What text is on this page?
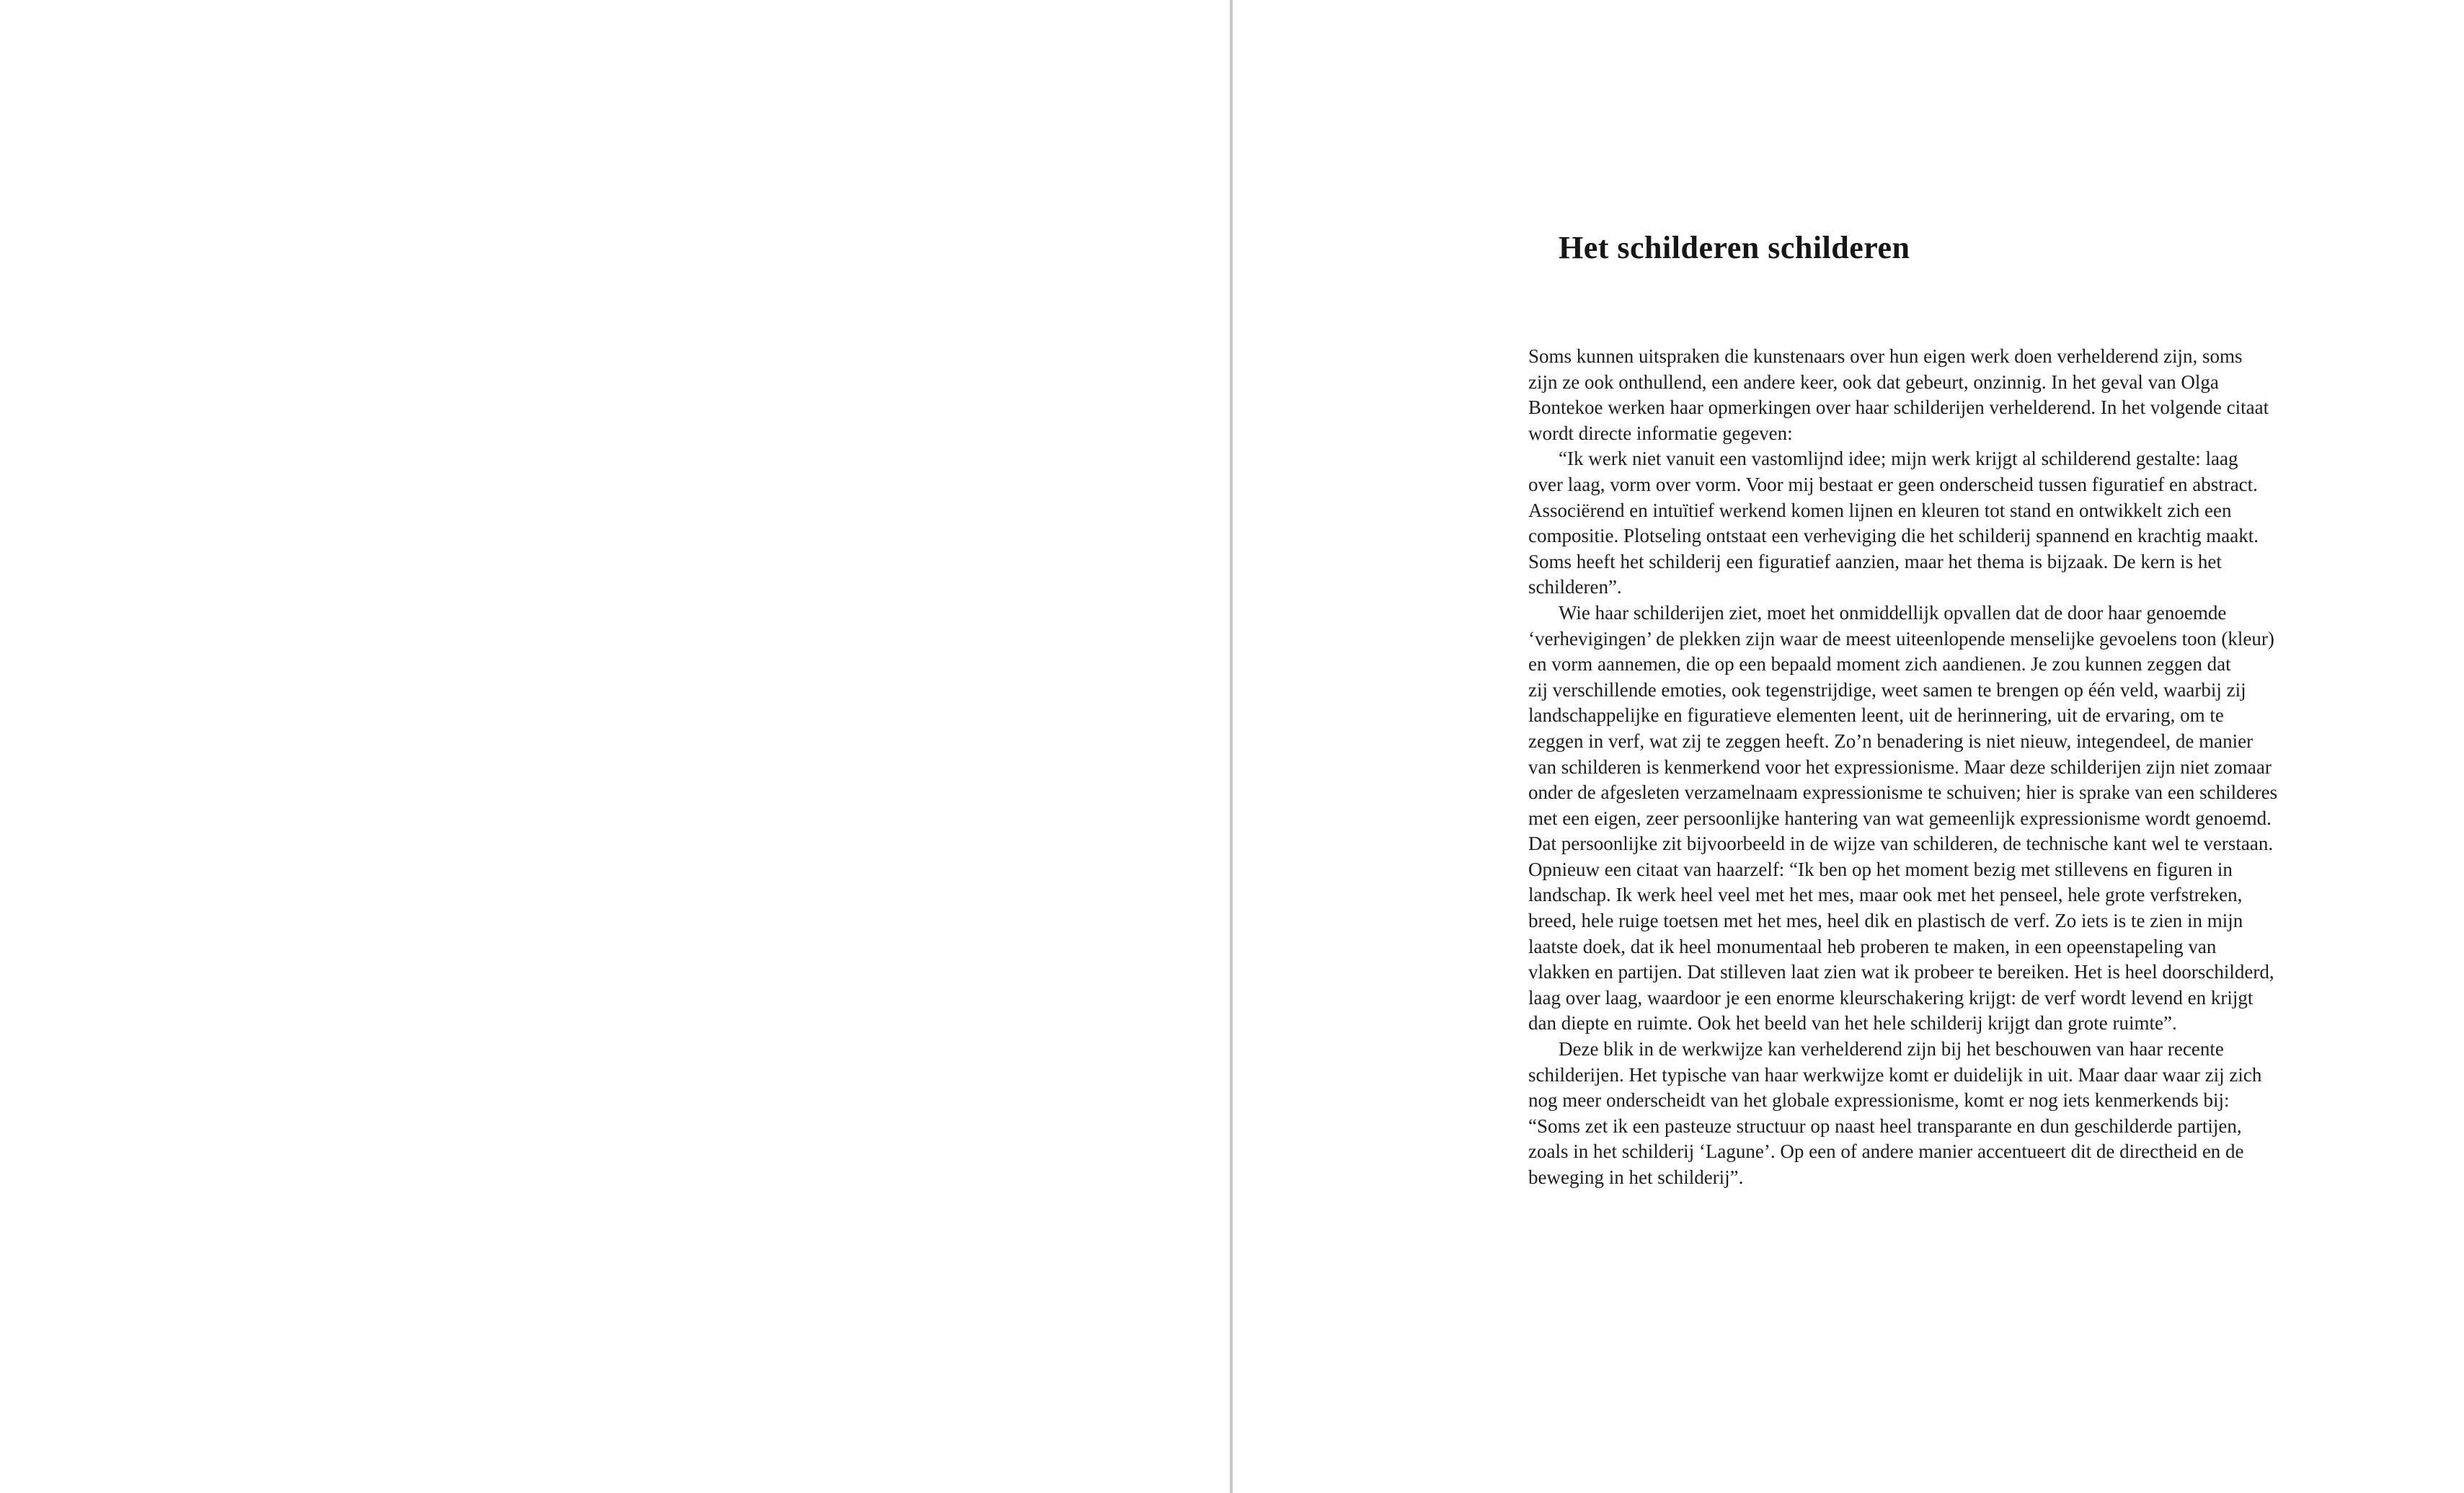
Het schilderen schilderen
Soms kunnen uitspraken die kunstenaars over hun eigen werk doen verhelderend zijn, soms
zijn ze ook onthullend, een andere keer, ook dat gebeurt, onzinnig. In het geval van Olga
Bontekoe werken haar opmerkingen over haar schilderijen verhelderend. In het volgende citaat
wordt directe informatie gegeven:
“Ik werk niet vanuit een vastomlijnd idee; mijn werk krijgt al schilderend gestalte: laag
over laag, vorm over vorm. Voor mij bestaat er geen onderscheid tussen figuratief en abstract.
Associërend en intuïtief werkend komen lijnen en kleuren tot stand en ontwikkelt zich een
compositie. Plotseling ontstaat een verheviging die het schilderij spannend en krachtig maakt.
Soms heeft het schilderij een figuratief aanzien, maar het thema is bijzaak. De kern is het
schilderen”.
Wie haar schilderijen ziet, moet het onmiddellijk opvallen dat de door haar genoemde
‘verhevigingen’ de plekken zijn waar de meest uiteenlopende menselijke gevoelens toon (kleur)
en vorm aannemen, die op een bepaald moment zich aandienen. Je zou kunnen zeggen dat
zij verschillende emoties, ook tegenstrijdige, weet samen te brengen op één veld, waarbij zij
landschappelijke en figuratieve elementen leent, uit de herinnering, uit de ervaring, om te
zeggen in verf, wat zij te zeggen heeft. Zo’n benadering is niet nieuw, integendeel, de manier
van schilderen is kenmerkend voor het expressionisme. Maar deze schilderijen zijn niet zomaar
onder de afgesleten verzamelnaam expressionisme te schuiven; hier is sprake van een schilderes
met een eigen, zeer persoonlijke hantering van wat gemeenlijk expressionisme wordt genoemd.
Dat persoonlijke zit bijvoorbeeld in de wijze van schilderen, de technische kant wel te verstaan.
Opnieuw een citaat van haarzelf: “Ik ben op het moment bezig met stillevens en figuren in
landschap. Ik werk heel veel met het mes, maar ook met het penseel, hele grote verfstreken,
breed, hele ruige toetsen met het mes, heel dik en plastisch de verf. Zo iets is te zien in mijn
laatste doek, dat ik heel monumentaal heb proberen te maken, in een opeenstapeling van
vlakken en partijen. Dat stilleven laat zien wat ik probeer te bereiken. Het is heel doorschilderd,
laag over laag, waardoor je een enorme kleurschakering krijgt: de verf wordt levend en krijgt
dan diepte en ruimte. Ook het beeld van het hele schilderij krijgt dan grote ruimte”.
Deze blik in de werkwijze kan verhelderend zijn bij het beschouwen van haar recente
schilderijen. Het typische van haar werkwijze komt er duidelijk in uit. Maar daar waar zij zich
nog meer onderscheidt van het globale expressionisme, komt er nog iets kenmerkends bij:
“Soms zet ik een pasteuze structuur op naast heel transparante en dun geschilderde partijen,
zoals in het schilderij ‘Lagune’. Op een of andere manier accentueert dit de directheid en de
beweging in het schilderij”.
